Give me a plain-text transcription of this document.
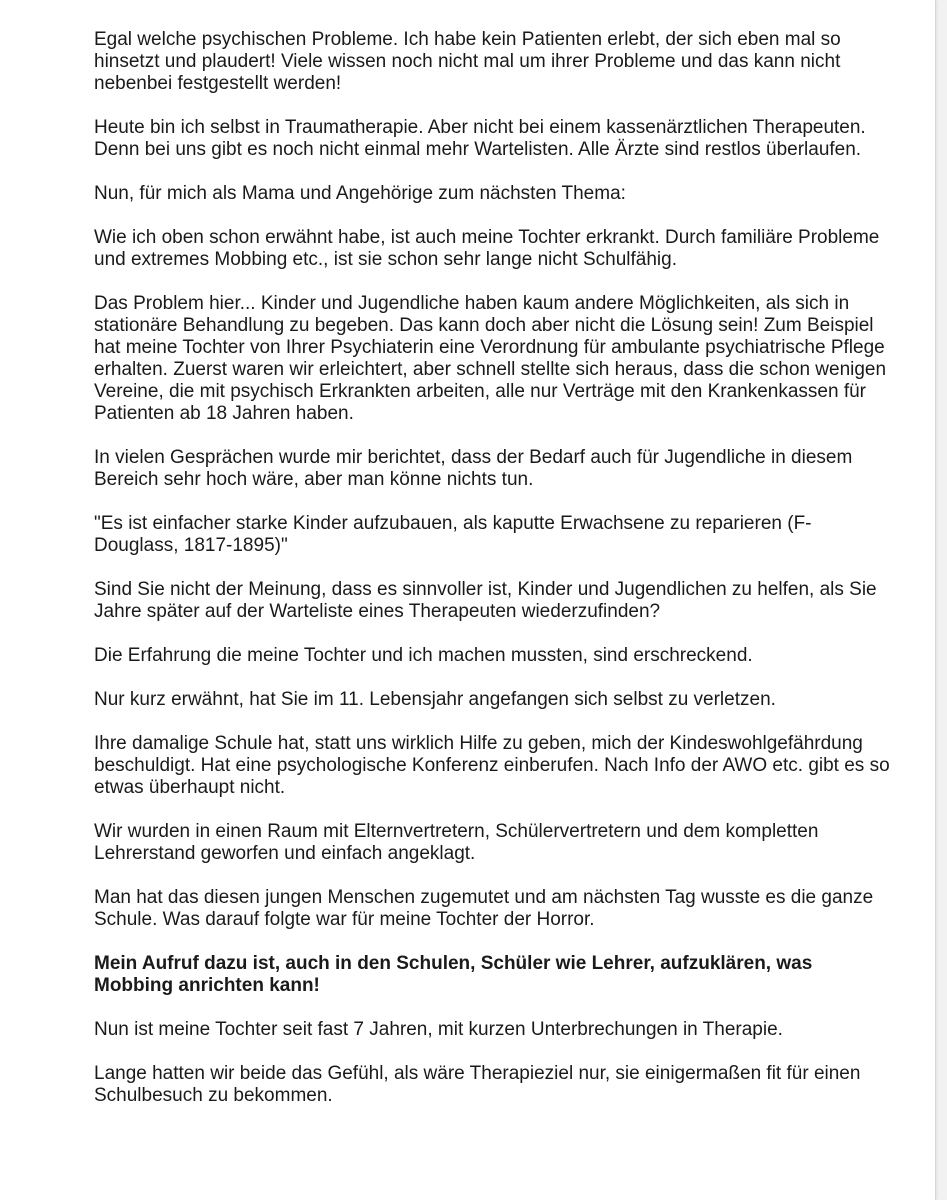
Egal welche psychischen Probleme. Ich habe kein Patienten erlebt, der sich eben mal so hinsetzt und plaudert! Viele wissen noch nicht mal um ihrer Probleme und das kann nicht nebenbei festgestellt werden!

Heute bin ich selbst in Traumatherapie. Aber nicht bei einem kassenärztlichen Therapeuten. Denn bei uns gibt es noch nicht einmal mehr Wartelisten. Alle Ärzte sind restlos überlaufen.

Nun, für mich als Mama und Angehörige zum nächsten Thema:

Wie ich oben schon erwähnt habe, ist auch meine Tochter erkrankt. Durch familiäre Probleme und extremes Mobbing etc., ist sie schon sehr lange nicht Schulfähig.

Das Problem hier... Kinder und Jugendliche haben kaum andere Möglichkeiten, als sich in stationäre Behandlung zu begeben. Das kann doch aber nicht die Lösung sein! Zum Beispiel hat meine Tochter von Ihrer Psychiaterin eine Verordnung für ambulante psychiatrische Pflege erhalten. Zuerst waren wir erleichtert, aber schnell stellte sich heraus, dass die schon wenigen Vereine, die mit psychisch Erkrankten arbeiten, alle nur Verträge mit den Krankenkassen für Patienten ab 18 Jahren haben.

In vielen Gesprächen wurde mir berichtet, dass der Bedarf auch für Jugendliche in diesem Bereich sehr hoch wäre, aber man könne nichts tun.

"Es ist einfacher starke Kinder aufzubauen, als kaputte Erwachsene zu reparieren (F- Douglass, 1817-1895)"

Sind Sie nicht der Meinung, dass es sinnvoller ist, Kinder und Jugendlichen zu helfen, als Sie Jahre später auf der Warteliste eines Therapeuten wiederzufinden?

Die Erfahrung die meine Tochter und ich machen mussten, sind erschreckend.

Nur kurz erwähnt, hat Sie im 11. Lebensjahr angefangen sich selbst zu verletzen.

Ihre damalige Schule hat, statt uns wirklich Hilfe zu geben, mich der Kindeswohlgefährdung beschuldigt. Hat eine psychologische Konferenz einberufen. Nach Info der AWO etc. gibt es so etwas überhaupt nicht.

Wir wurden in einen Raum mit Elternvertretern, Schülervertretern und dem kompletten Lehrerstand geworfen und einfach angeklagt.

Man hat das diesen jungen Menschen zugemutet und am nächsten Tag wusste es die ganze Schule. Was darauf folgte war für meine Tochter der Horror.

Mein Aufruf dazu ist, auch in den Schulen, Schüler wie Lehrer, aufzuklären, was Mobbing anrichten kann!

Nun ist meine Tochter seit fast 7 Jahren, mit kurzen Unterbrechungen in Therapie.

Lange hatten wir beide das Gefühl, als wäre Therapieziel nur, sie einigermaßen fit für einen Schulbesuch zu bekommen.
